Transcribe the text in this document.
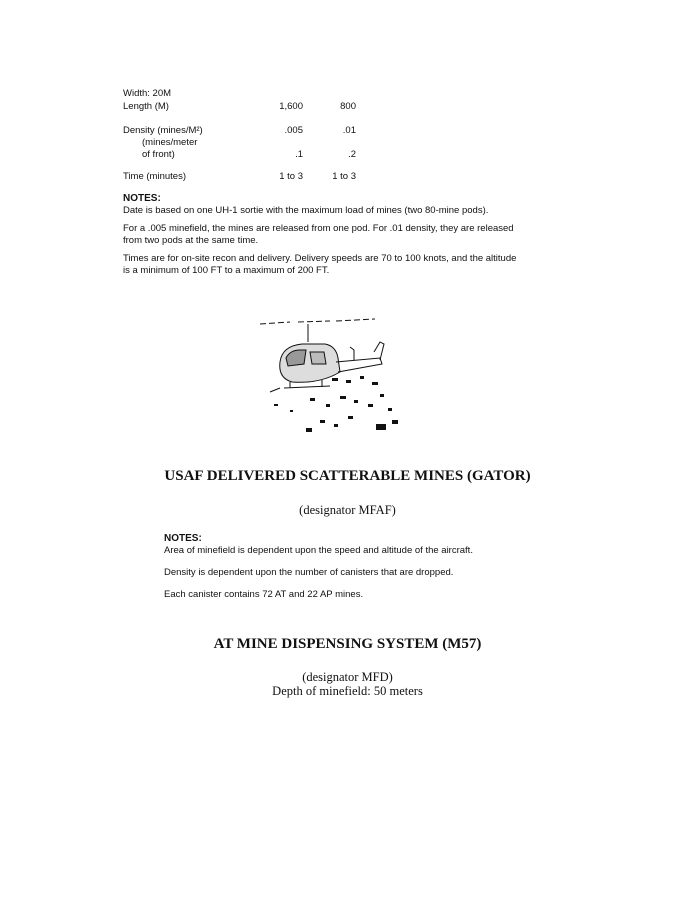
Width: 20M
Length (M)	1,600	800
Density (mines/M²)	.005	.01
(mines/meter
of front)	.1	.2
Time (minutes)	1 to 3	1 to 3
NOTES:
Date is based on one UH-1 sortie with the maximum load of mines (two 80-mine pods).
For a .005 minefield, the mines are released from one pod. For .01 density, they are released
from two pods at the same time.
Times are for on-site recon and delivery. Delivery speeds are 70 to 100 knots, and the altitude
is a minimum of 100 FT to a maximum of 200 FT.
USAF DELIVERED SCATTERABLE MINES (GATOR)
(designator MFAF)
NOTES:
Area of minefield is dependent upon the speed and altitude of the aircraft.
Density is dependent upon the number of canisters that are dropped.
Each canister contains 72 AT and 22 AP mines.
AT MINE DISPENSING SYSTEM (M57)
(designator MFD)
Depth of minefield: 50 meters
